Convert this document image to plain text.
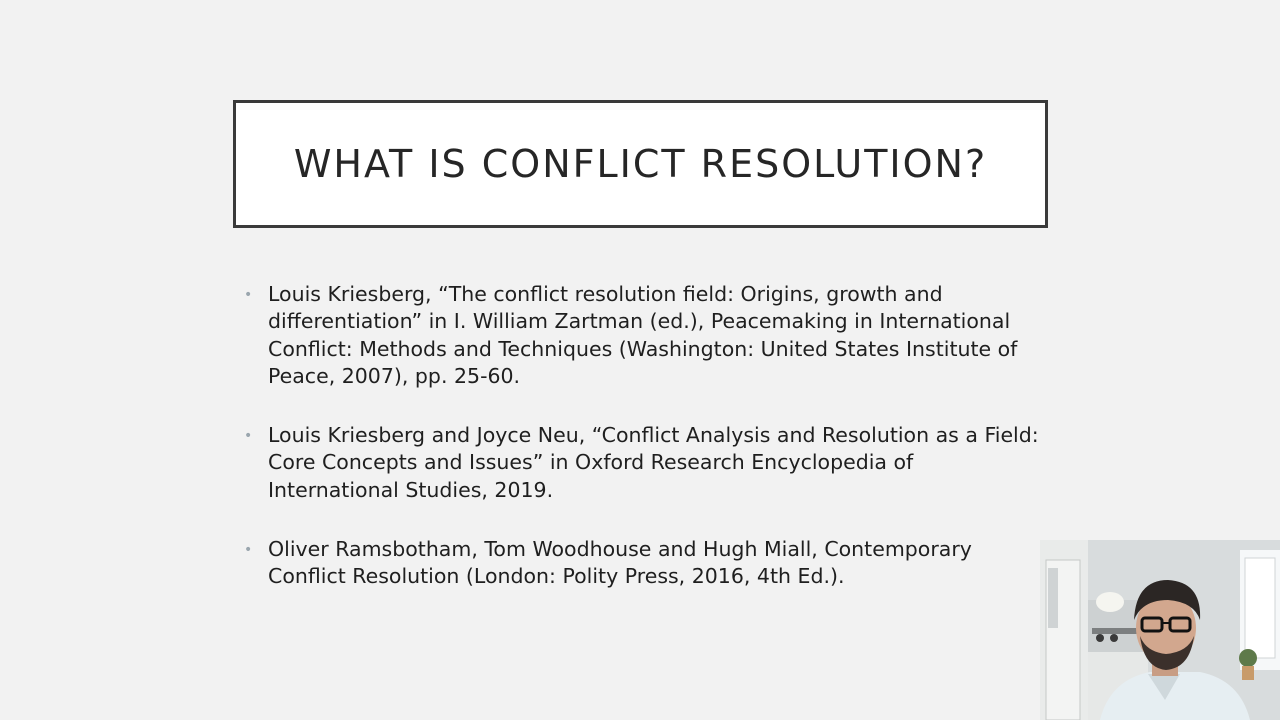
WHAT IS CONFLICT RESOLUTION?
• Louis Kriesberg, “The conflict resolution field: Origins, growth and differentiation” in I. William Zartman (ed.), Peacemaking in International Conflict: Methods and Techniques (Washington: United States Institute of Peace, 2007), pp. 25-60.
• Louis Kriesberg and Joyce Neu, “Conflict Analysis and Resolution as a Field: Core Concepts and Issues” in Oxford Research Encyclopedia of International Studies, 2019.
• Oliver Ramsbotham, Tom Woodhouse and Hugh Miall, Contemporary Conflict Resolution (London: Polity Press, 2016, 4th Ed.).
